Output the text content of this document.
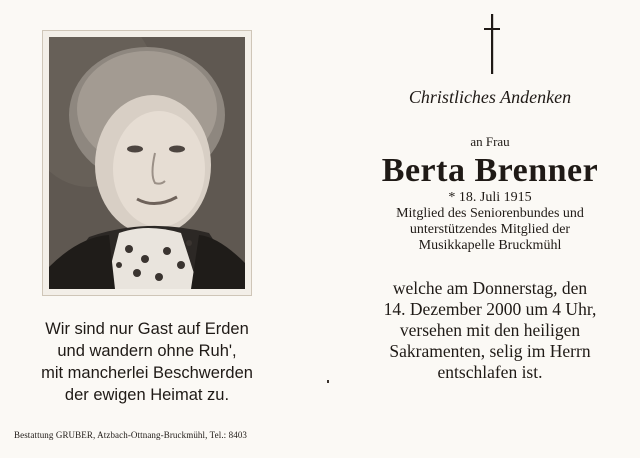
Wir sind nur Gast auf Erden
und wandern ohne Ruh',
mit mancherlei Beschwerden
der ewigen Heimat zu.
Bestattung GRUBER, Atzbach-Ottnang-Bruckmühl, Tel.: 8403
Christliches Andenken
an Frau
Berta Brenner
* 18. Juli 1915
Mitglied des Seniorenbundes und
unterstützendes Mitglied der
Musikkapelle Bruckmühl
welche am Donnerstag, den
14. Dezember 2000 um 4 Uhr,
versehen mit den heiligen
Sakramenten, selig im Herrn
entschlafen ist.
